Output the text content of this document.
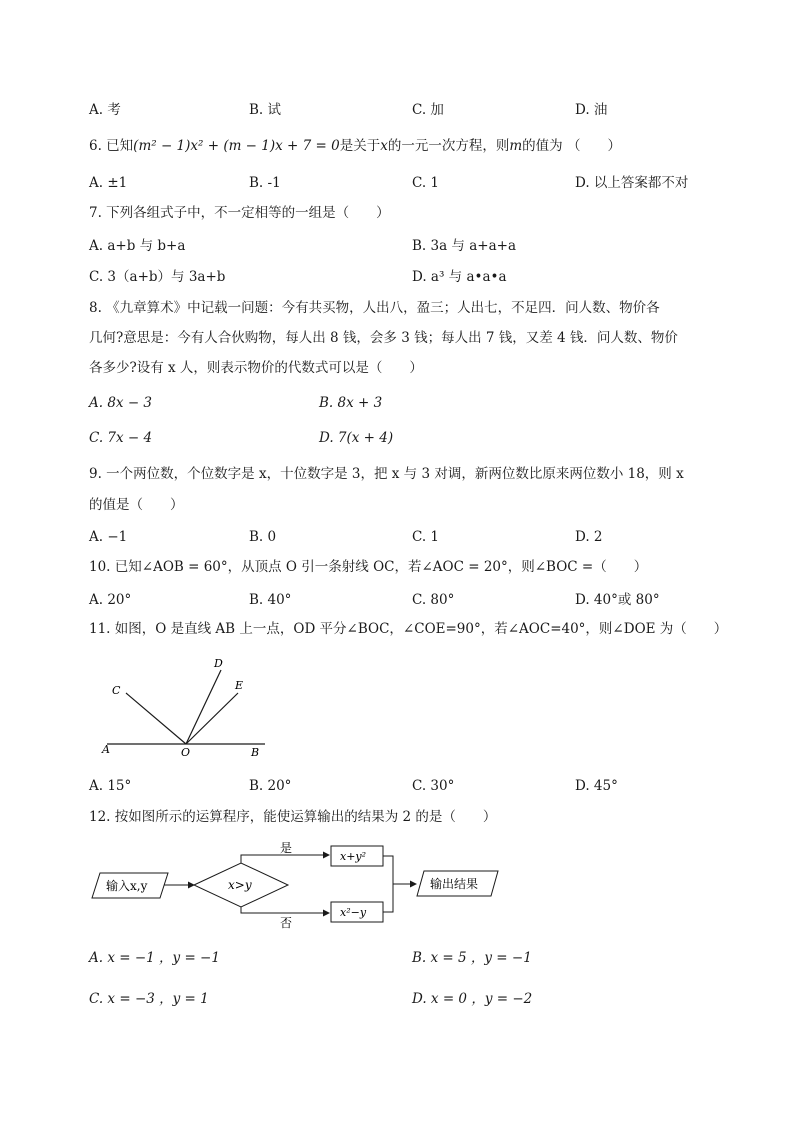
A. 考	B. 试	C. 加	D. 油
6. 已知(m² − 1)x² + (m − 1)x + 7 = 0是关于x的一元一次方程，则m的值为 （　　）
A. ±1	B. -1	C. 1	D. 以上答案都不对
7. 下列各组式子中，不一定相等的一组是（　　）
A. a+b 与 b+a	B. 3a 与 a+a+a
C. 3（a+b）与 3a+b	D. a³ 与 a•a•a
8. 《九章算术》中记载一问题：今有共买物，人出八，盈三；人出七，不足四．问人数、物价各
几何?意思是：今有人合伙购物，每人出 8 钱，会多 3 钱；每人出 7 钱，又差 4 钱．问人数、物价
各多少?设有 x 人，则表示物价的代数式可以是（　　）
A. 8x − 3	B. 8x + 3
C. 7x − 4	D. 7(x + 4)
9. 一个两位数，个位数字是 x，十位数字是 3，把 x 与 3 对调，新两位数比原来两位数小 18，则 x
的值是（　　）
A. −1	B. 0	C. 1	D. 2
10. 已知∠AOB = 60°，从顶点 O 引一条射线 OC，若∠AOC = 20°，则∠BOC =（　　）
A. 20°	B. 40°	C. 80°	D. 40°或 80°
11. 如图，O 是直线 AB 上一点，OD 平分∠BOC，∠COE=90°，若∠AOC=40°，则∠DOE 为（　　）
C
D
E
A	O	B
A. 15°	B. 20°	C. 30°	D. 45°
12. 按如图所示的运算程序，能使运算输出的结果为 2 的是（　　）
输入x,y	x>y
是
x+y²
否
x²−y
输出结果
A. x = −1 ，y = −1	B. x = 5 ，y = −1
C. x = −3 ，y = 1	D. x = 0 ，y = −2
